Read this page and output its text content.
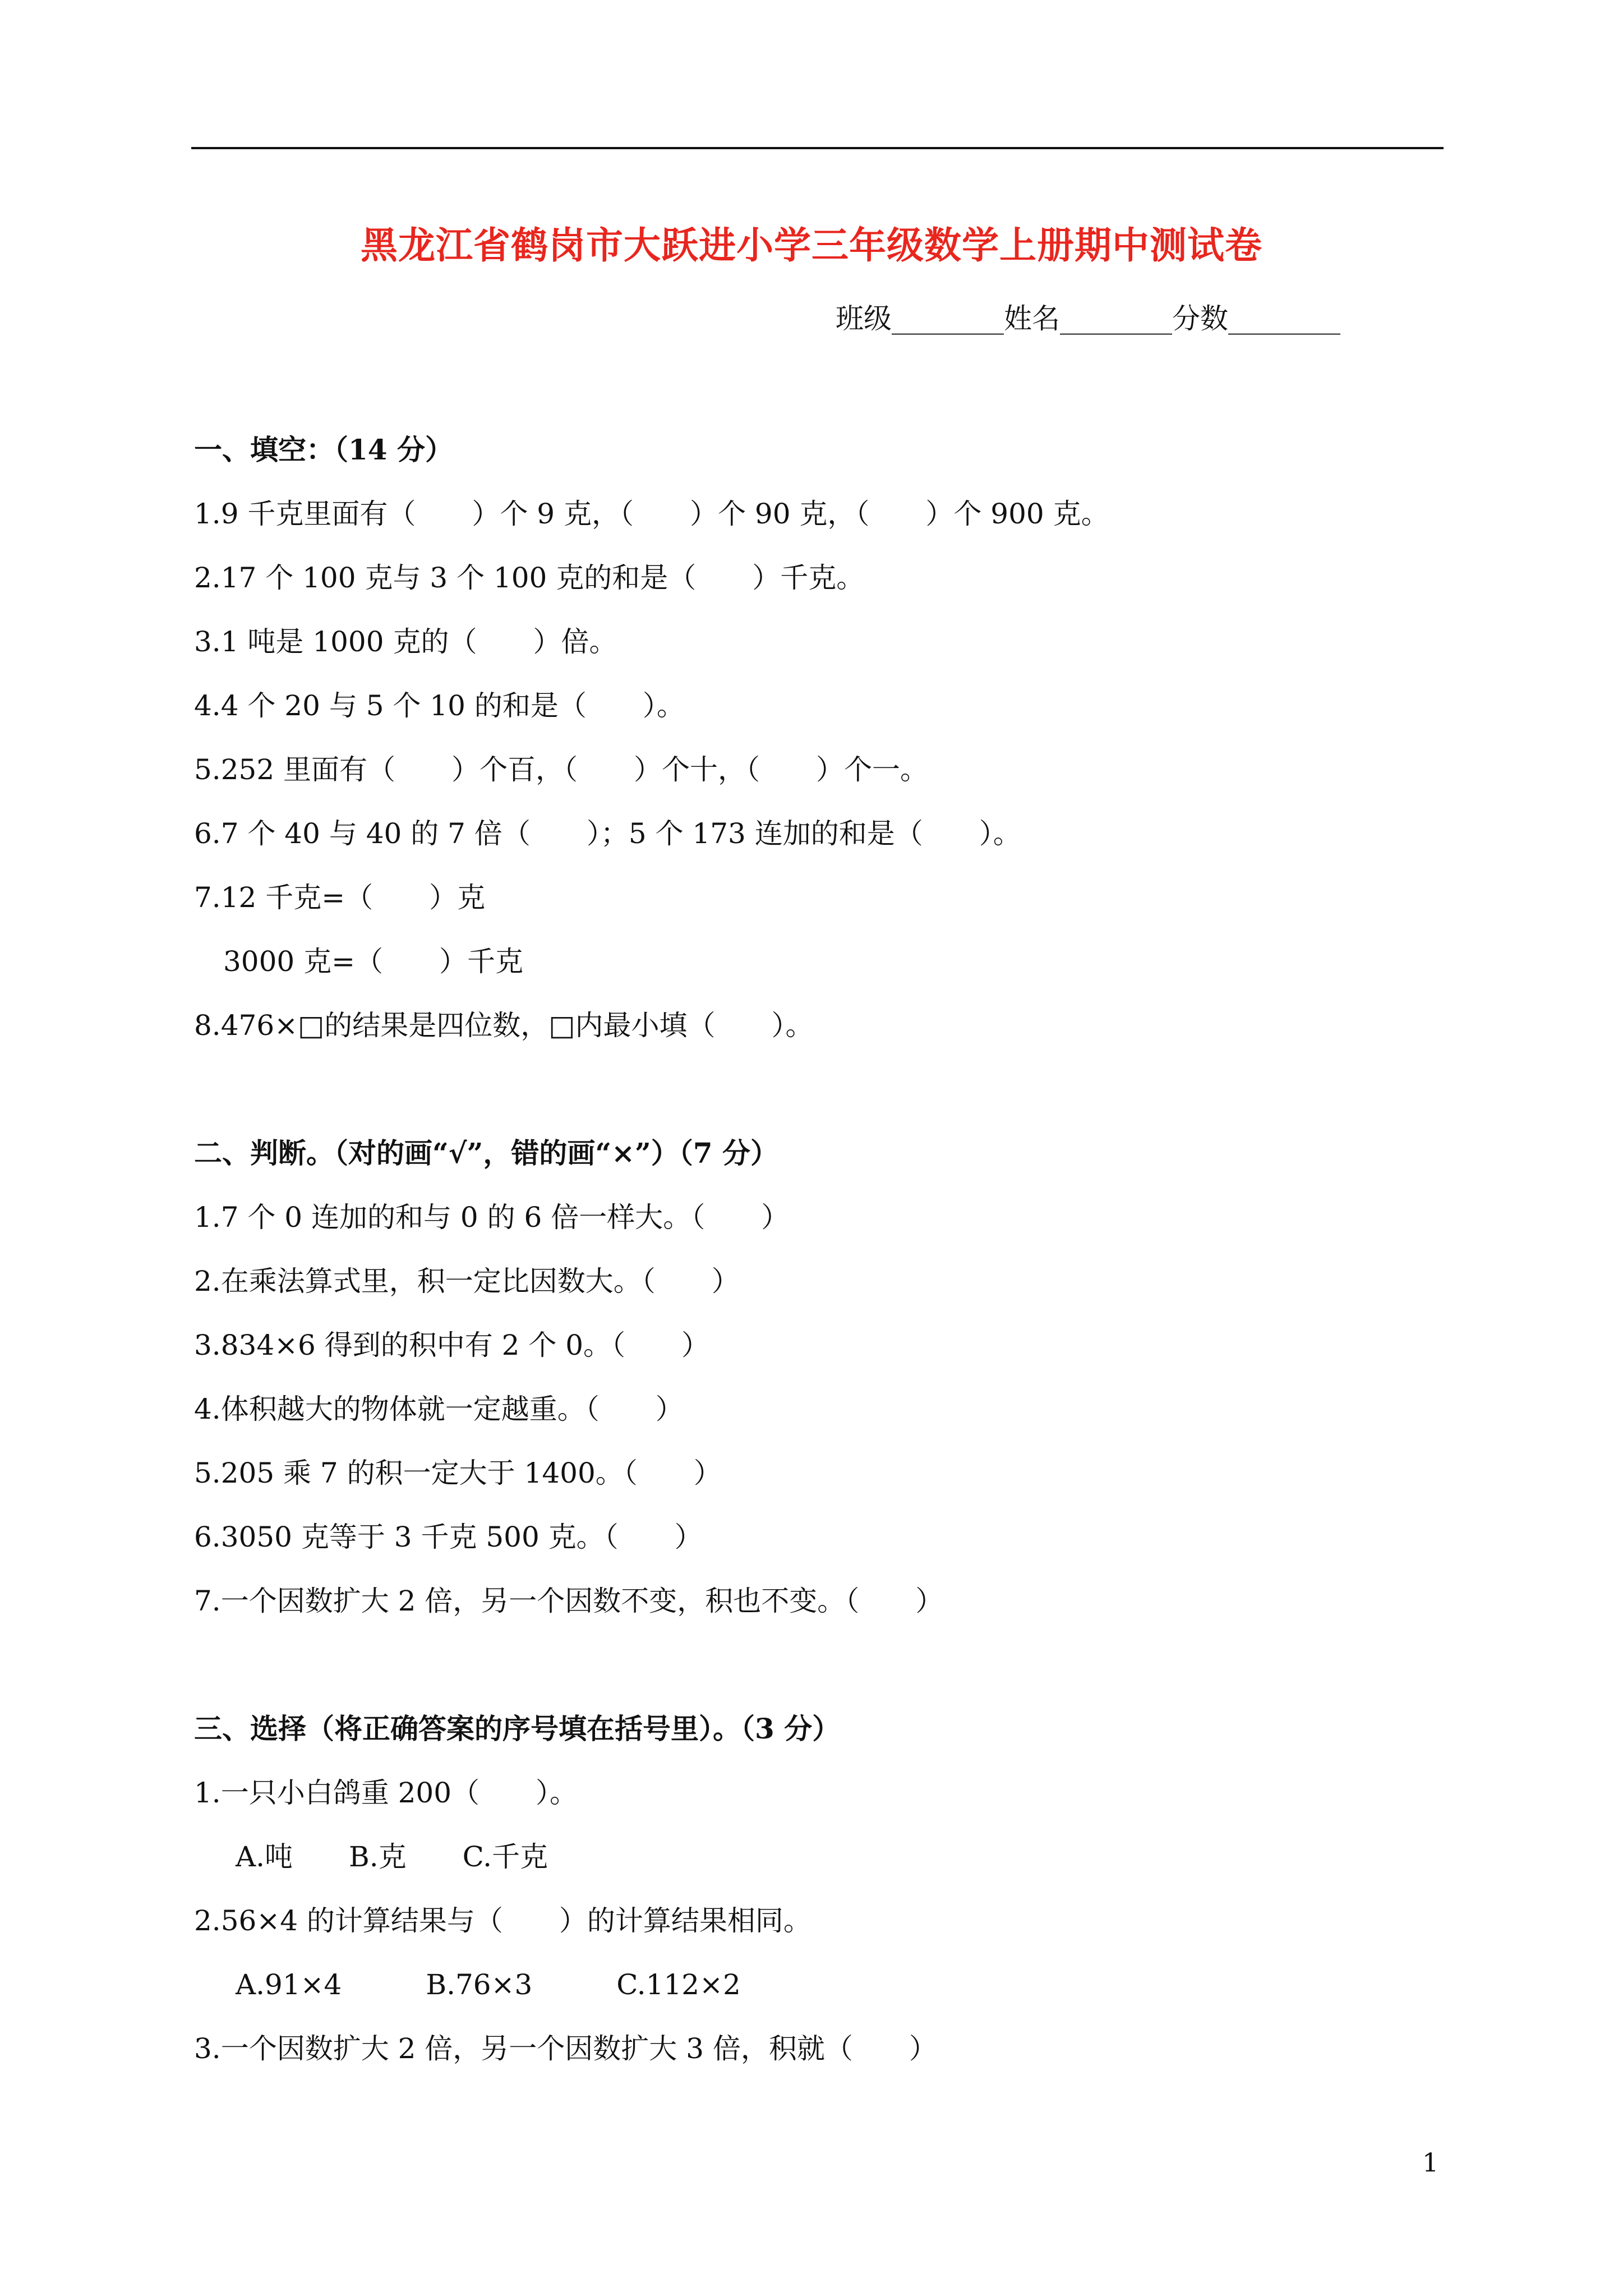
黑龙江省鹤岗市大跃进小学三年级数学上册期中测试卷
班级________姓名________分数________
一、填空：（14 分）
1.9 千克里面有（　　）个 9 克，（　　）个 90 克，（　　）个 900 克。
2.17 个 100 克与 3 个 100 克的和是（　　）千克。
3.1 吨是 1000 克的（　　）倍。
4.4 个 20 与 5 个 10 的和是（　　）。
5.252 里面有（　　）个百，（　　）个十，（　　）个一。
6.7 个 40 与 40 的 7 倍（　　）；5 个 173 连加的和是（　　）。
7.12 千克=（　　）克
3000 克=（　　）千克
8.476×□的结果是四位数，□内最小填（　　）。
二、判断。（对的画“√”，错的画“×”）（7 分）
1.7 个 0 连加的和与 0 的 6 倍一样大。（　　）
2.在乘法算式里，积一定比因数大。（　　）
3.834×6 得到的积中有 2 个 0。（　　）
4.体积越大的物体就一定越重。（　　）
5.205 乘 7 的积一定大于 1400。（　　）
6.3050 克等于 3 千克 500 克。（　　）
7.一个因数扩大 2 倍，另一个因数不变，积也不变。（　　）
三、选择（将正确答案的序号填在括号里）。（3 分）
1.一只小白鸽重 200（　　）。
A.吨　　B.克　　C.千克
2.56×4 的计算结果与（　　）的计算结果相同。
A.91×4　　　B.76×3　　　C.112×2
3.一个因数扩大 2 倍，另一个因数扩大 3 倍，积就（　　）
1
